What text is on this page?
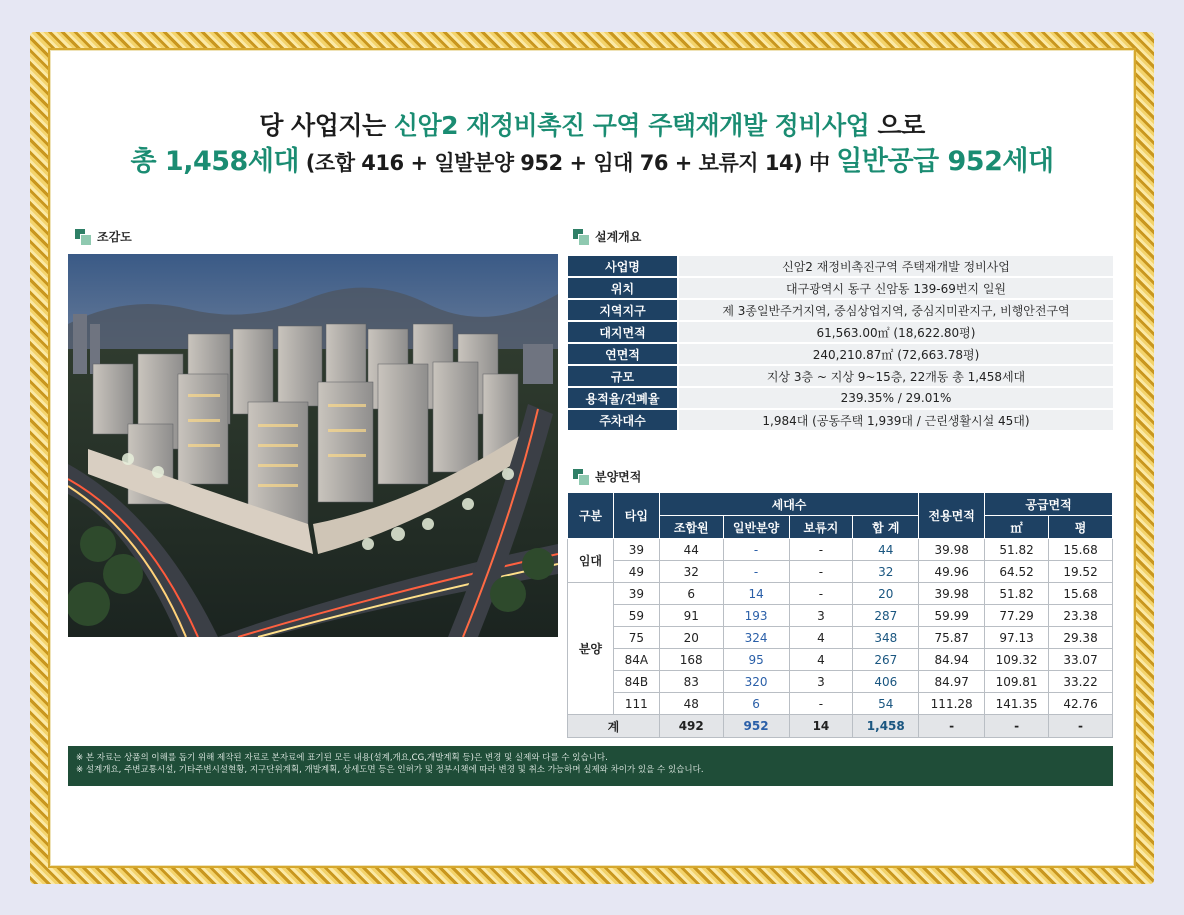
당 사업지는 신암2 재정비촉진 구역 주택재개발 정비사업 으로
총 1,458세대 (조합 416 + 일발분양 952 + 임대 76 + 보류지 14) 中 일반공급 952세대
조감도	설계개요
분양면적
사업명	신암2 재정비촉진구역 주택재개발 정비사업
위치	대구광역시 동구 신암동 139-69번지 일원
지역지구	제 3종일반주거지역, 중심상업지역, 중심지미관지구, 비행안전구역
대지면적	61,563.00㎡ (18,622.80평)
연면적	240,210.87㎡ (72,663.78평)
규모	지상 3층 ~ 지상 9~15층, 22개동 총 1,458세대
용적율/건폐율	239.35% / 29.01%
주차대수	1,984대 (공동주택 1,939대 / 근린생활시설 45대)
구분	타입	세대수				전용면적	공급면적	
		조합원	일반분양	보류지	합 계		㎡	평
임대	39	44	-	-	44	39.98	51.82	15.68
	49	32	-	-	32	49.96	64.52	19.52
분양	39	6	14	-	20	39.98	51.82	15.68
	59	91	193	3	287	59.99	77.29	23.38
	75	20	324	4	348	75.87	97.13	29.38
	84A	168	95	4	267	84.94	109.32	33.07
	84B	83	320	3	406	84.97	109.81	33.22
	111	48	6	-	54	111.28	141.35	42.76
계		492	952	14	1,458	-	-	-
※ 본 자료는 상품의 이해를 돕기 위해 제작된 자료로 본자료에 표기된 모든 내용(설계,개요,CG,개발계획 등)은 변경 및 실제와 다를 수 있습니다.
※ 설계개요, 주변교통시설, 기타주변시설현황, 지구단위계획, 개발계획, 상세도면 등은 인허가 및 정부시책에 따라 변경 및 취소 가능하며 실제와 차이가 있을 수 있습니다.
